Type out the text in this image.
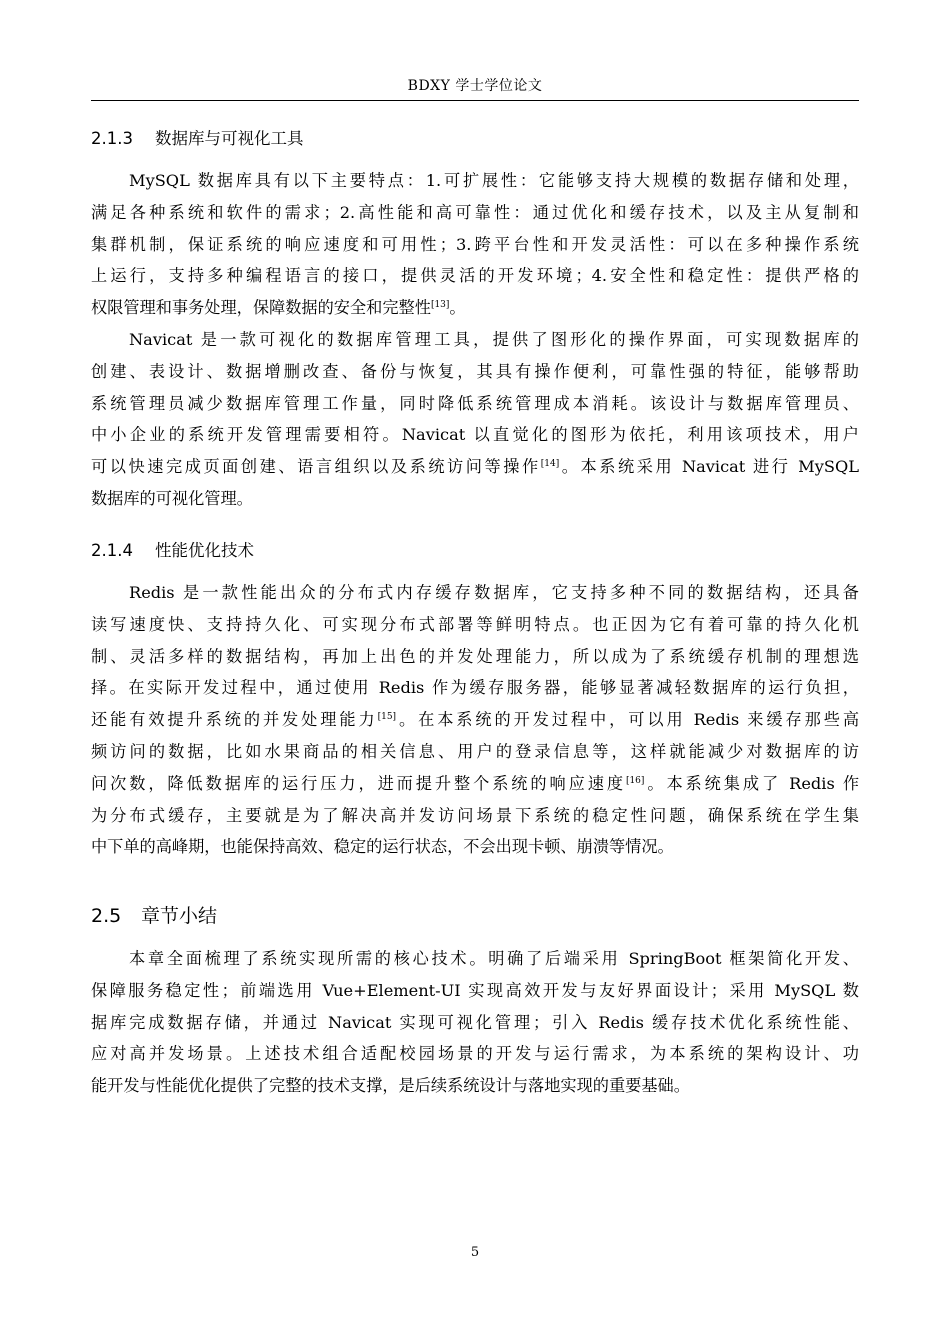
BDXY 学士学位论文
2.1.3 数据库与可视化工具
MySQL 数据库具有以下主要特点：1.可扩展性：它能够支持大规模的数据存储和处理，
满足各种系统和软件的需求；2.高性能和高可靠性：通过优化和缓存技术，以及主从复制和
集群机制，保证系统的响应速度和可用性；3.跨平台性和开发灵活性：可以在多种操作系统
上运行，支持多种编程语言的接口，提供灵活的开发环境；4.安全性和稳定性：提供严格的
权限管理和事务处理，保障数据的安全和完整性[13]。
Navicat 是一款可视化的数据库管理工具，提供了图形化的操作界面，可实现数据库的
创建、表设计、数据增删改查、备份与恢复，其具有操作便利，可靠性强的特征，能够帮助
系统管理员减少数据库管理工作量，同时降低系统管理成本消耗。该设计与数据库管理员、
中小企业的系统开发管理需要相符。Navicat 以直觉化的图形为依托，利用该项技术，用户
可以快速完成页面创建、语言组织以及系统访问等操作[14]。本系统采用 Navicat 进行 MySQL
数据库的可视化管理。
2.1.4 性能优化技术
Redis 是一款性能出众的分布式内存缓存数据库，它支持多种不同的数据结构，还具备
读写速度快、支持持久化、可实现分布式部署等鲜明特点。也正因为它有着可靠的持久化机
制、灵活多样的数据结构，再加上出色的并发处理能力，所以成为了系统缓存机制的理想选
择。在实际开发过程中，通过使用 Redis 作为缓存服务器，能够显著减轻数据库的运行负担，
还能有效提升系统的并发处理能力[15]。在本系统的开发过程中，可以用 Redis 来缓存那些高
频访问的数据，比如水果商品的相关信息、用户的登录信息等，这样就能减少对数据库的访
问次数，降低数据库的运行压力，进而提升整个系统的响应速度[16]。本系统集成了 Redis 作
为分布式缓存，主要就是为了解决高并发访问场景下系统的稳定性问题，确保系统在学生集
中下单的高峰期，也能保持高效、稳定的运行状态，不会出现卡顿、崩溃等情况。
2.5 章节小结
本章全面梳理了系统实现所需的核心技术。明确了后端采用 SpringBoot 框架简化开发、
保障服务稳定性；前端选用 Vue+Element-UI 实现高效开发与友好界面设计；采用 MySQL 数
据库完成数据存储，并通过 Navicat 实现可视化管理；引入 Redis 缓存技术优化系统性能、
应对高并发场景。上述技术组合适配校园场景的开发与运行需求，为本系统的架构设计、功
能开发与性能优化提供了完整的技术支撑，是后续系统设计与落地实现的重要基础。
5
